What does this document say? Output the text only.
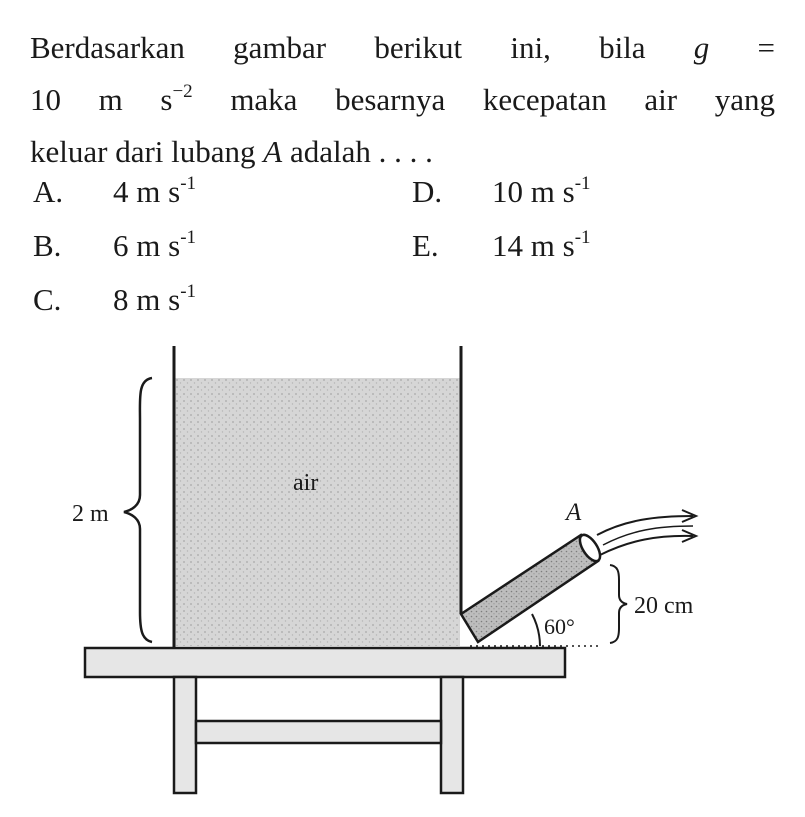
Berdasarkan gambar berikut ini, bila g =
10 m $s^{-2}$ maka besarnya kecepatan air yang
keluar dari lubang A adalah . . . .
A. 4 m $s^{-1}$
B. 6 m $s^{-1}$
C. 8 m $s^{-1}$
D. 10 m $s^{-1}$
E. 14 m $s^{-1}$
2 m
air
A
60°
20 cm
